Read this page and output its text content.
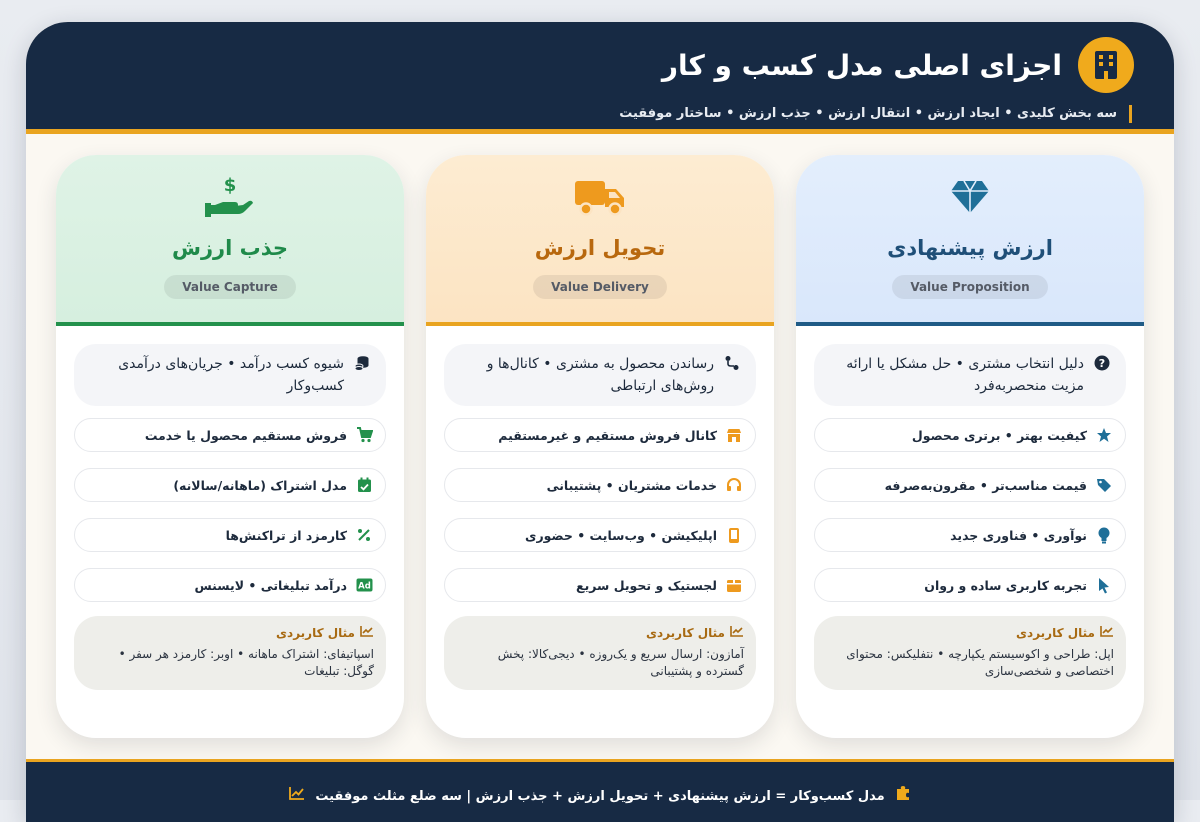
اجزای اصلی مدل کسب و کار
سه بخش کلیدی • ایجاد ارزش • انتقال ارزش • جذب ارزش • ساختار موفقیت
ارزش پیشنهادی
Value Proposition
?
دلیل انتخاب مشتری • حل مشکل یا ارائه مزیت منحصربه‌فرد
کیفیت بهتر • برتری محصول
قیمت مناسب‌تر • مقرون‌به‌صرفه
نوآوری • فناوری جدید
تجربه کاربری ساده و روان
مثال کاربردی
اپل: طراحی و اکوسیستم یکپارچه • نتفلیکس: محتوای اختصاصی و شخصی‌سازی
تحویل ارزش
Value Delivery
رساندن محصول به مشتری • کانال‌ها و روش‌های ارتباطی
کانال فروش مستقیم و غیرمستقیم
خدمات مشتریان • پشتیبانی
اپلیکیشن • وب‌سایت • حضوری
لجستیک و تحویل سریع
مثال کاربردی
آمازون: ارسال سریع و یک‌روزه • دیجی‌کالا: پخش گسترده و پشتیبانی
$
جذب ارزش
Value Capture
شیوه کسب درآمد • جریان‌های درآمدی کسب‌وکار
فروش مستقیم محصول یا خدمت
مدل اشتراک (ماهانه/سالانه)
کارمزد از تراکنش‌ها
Ad
درآمد تبلیغاتی • لایسنس
مثال کاربردی
اسپاتیفای: اشتراک ماهانه • اوبر: کارمزد هر سفر • گوگل: تبلیغات
مدل کسب‌وکار = ارزش پیشنهادی + تحویل ارزش + جذب ارزش | سه ضلع مثلث موفقیت
